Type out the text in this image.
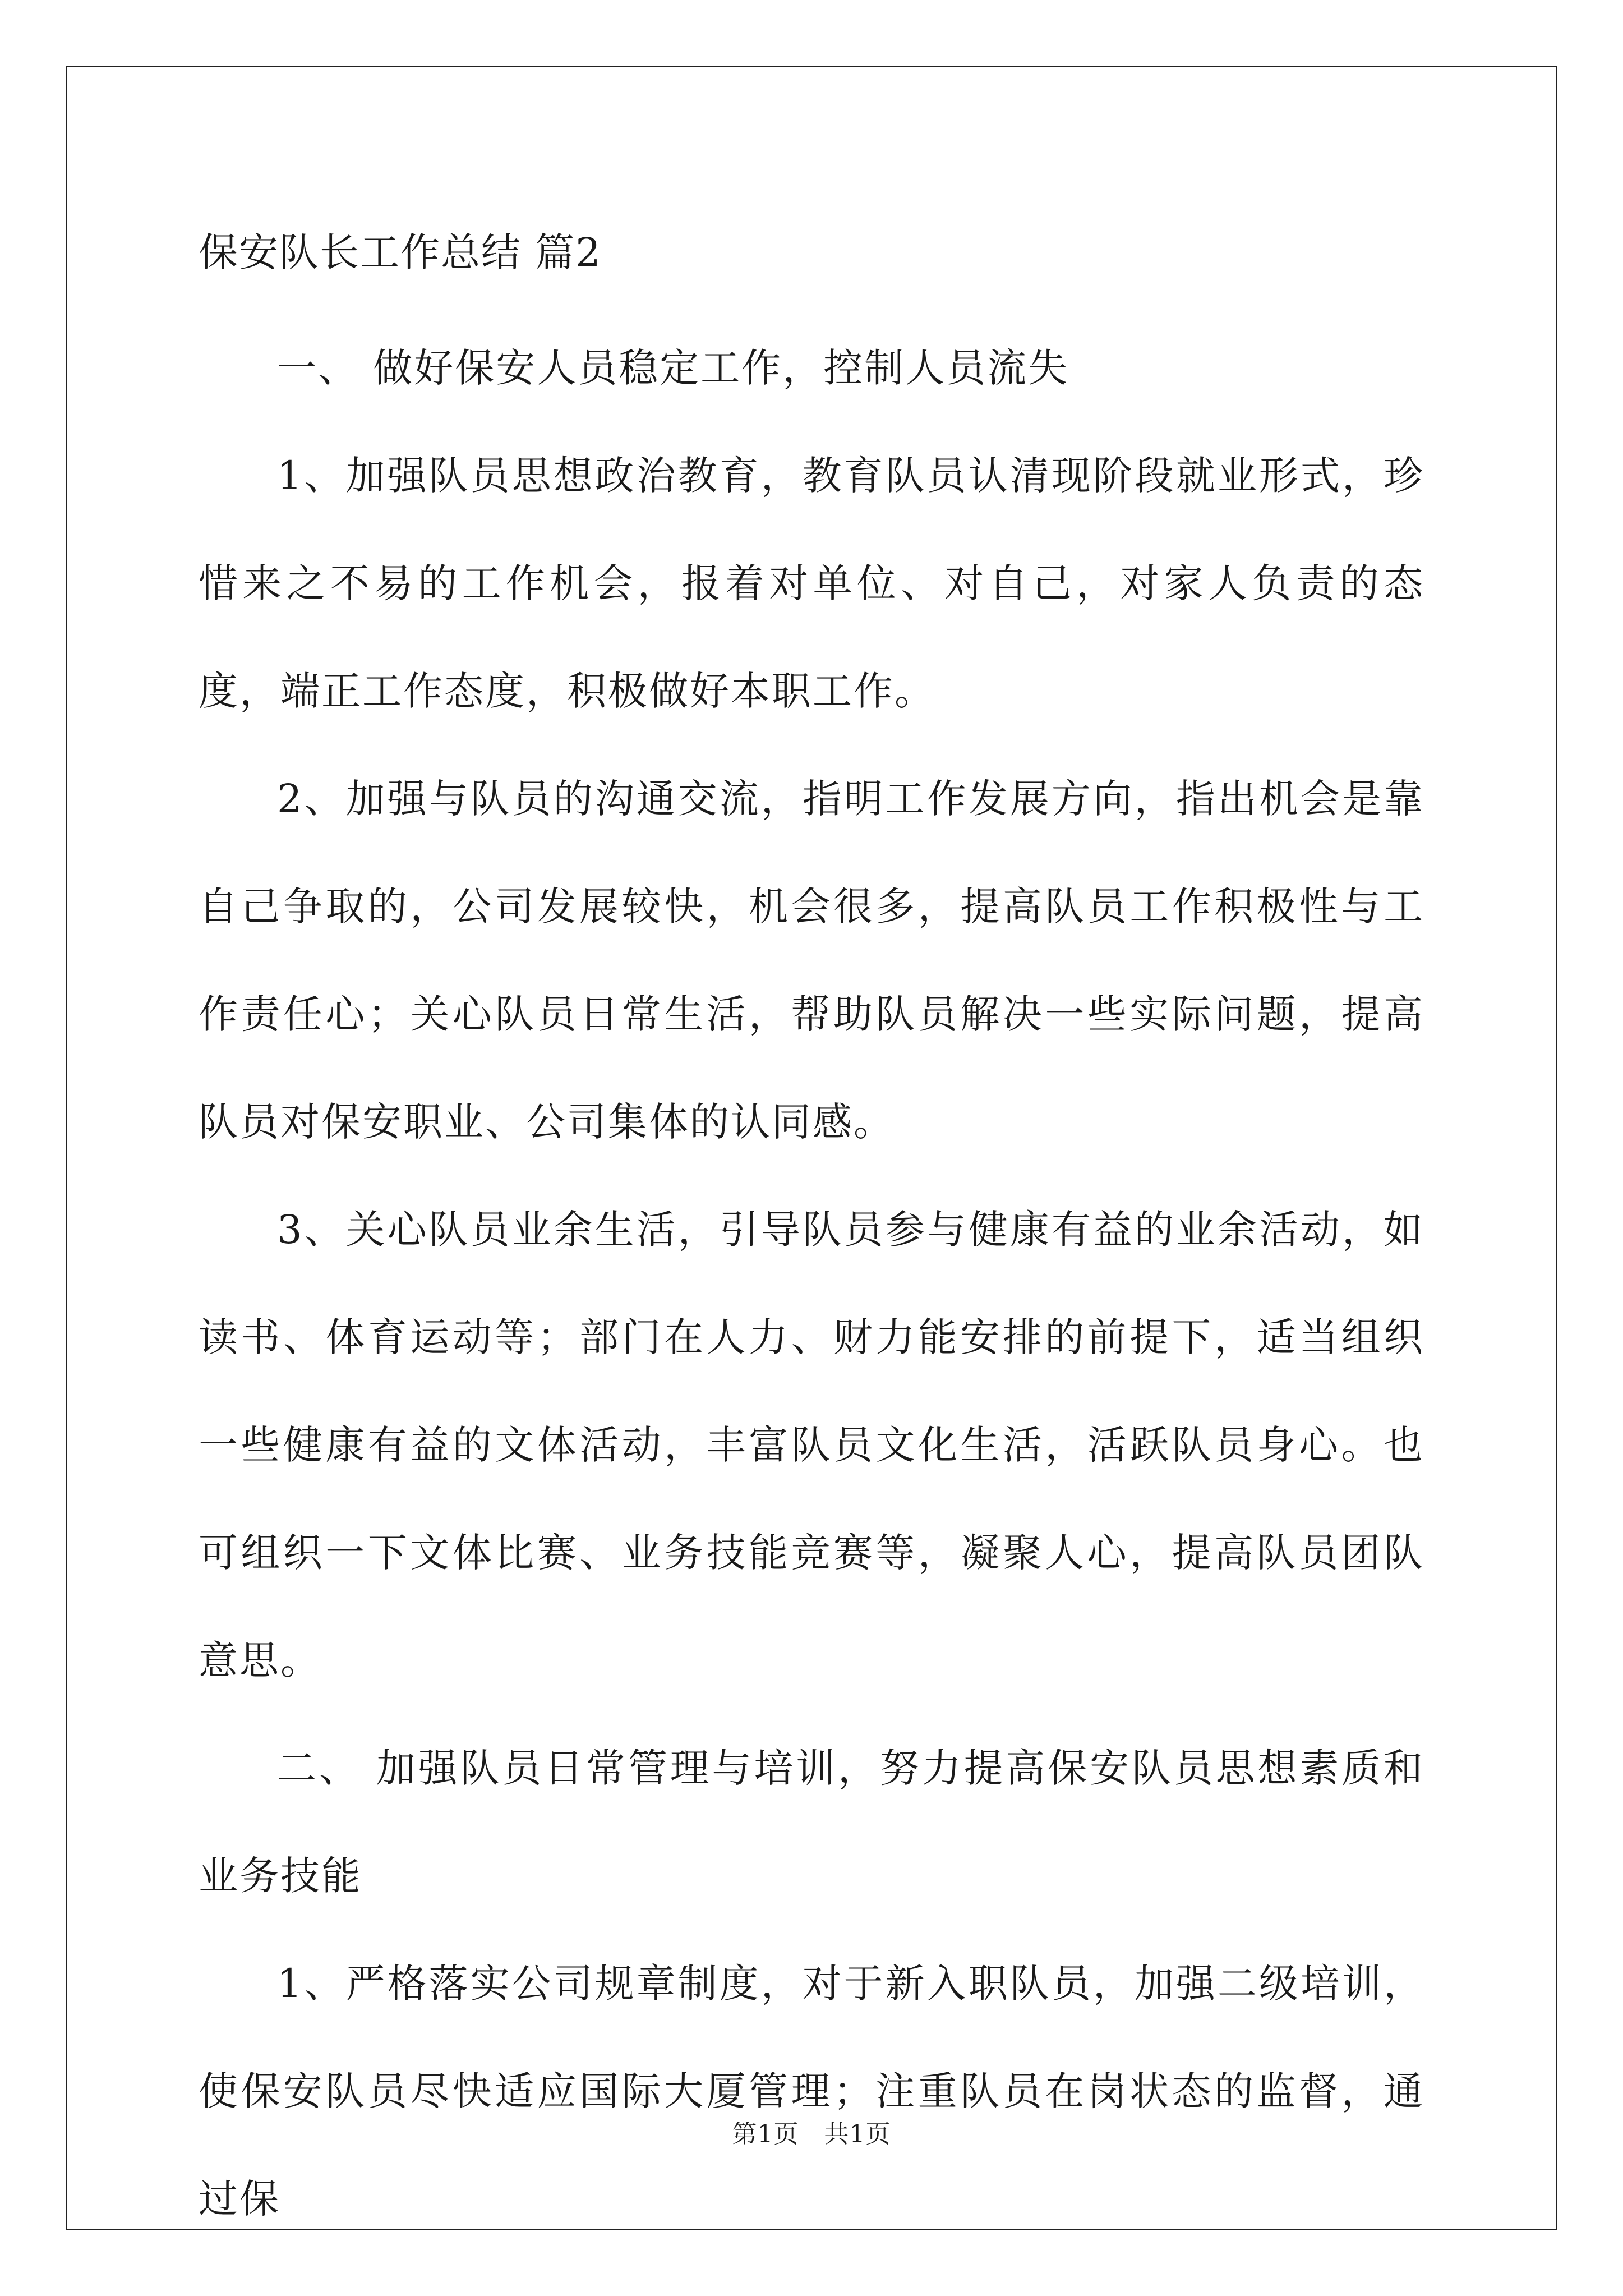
保安队长工作总结 篇2

一、 做好保安人员稳定工作，控制人员流失

1、加强队员思想政治教育，教育队员认清现阶段就业形式，珍惜来之不易的工作机会，报着对单位、对自己，对家人负责的态度，端正工作态度，积极做好本职工作。

2、加强与队员的沟通交流，指明工作发展方向，指出机会是靠自己争取的，公司发展较快，机会很多，提高队员工作积极性与工作责任心；关心队员日常生活，帮助队员解决一些实际问题，提高队员对保安职业、公司集体的认同感。

3、关心队员业余生活，引导队员参与健康有益的业余活动，如读书、体育运动等；部门在人力、财力能安排的前提下，适当组织一些健康有益的文体活动，丰富队员文化生活，活跃队员身心。也可组织一下文体比赛、业务技能竞赛等，凝聚人心，提高队员团队意思。

二、 加强队员日常管理与培训，努力提高保安队员思想素质和业务技能

1、严格落实公司规章制度，对于新入职队员，加强二级培训，使保安队员尽快适应国际大厦管理；注重队员在岗状态的监督，通过保

第1页　共1页
